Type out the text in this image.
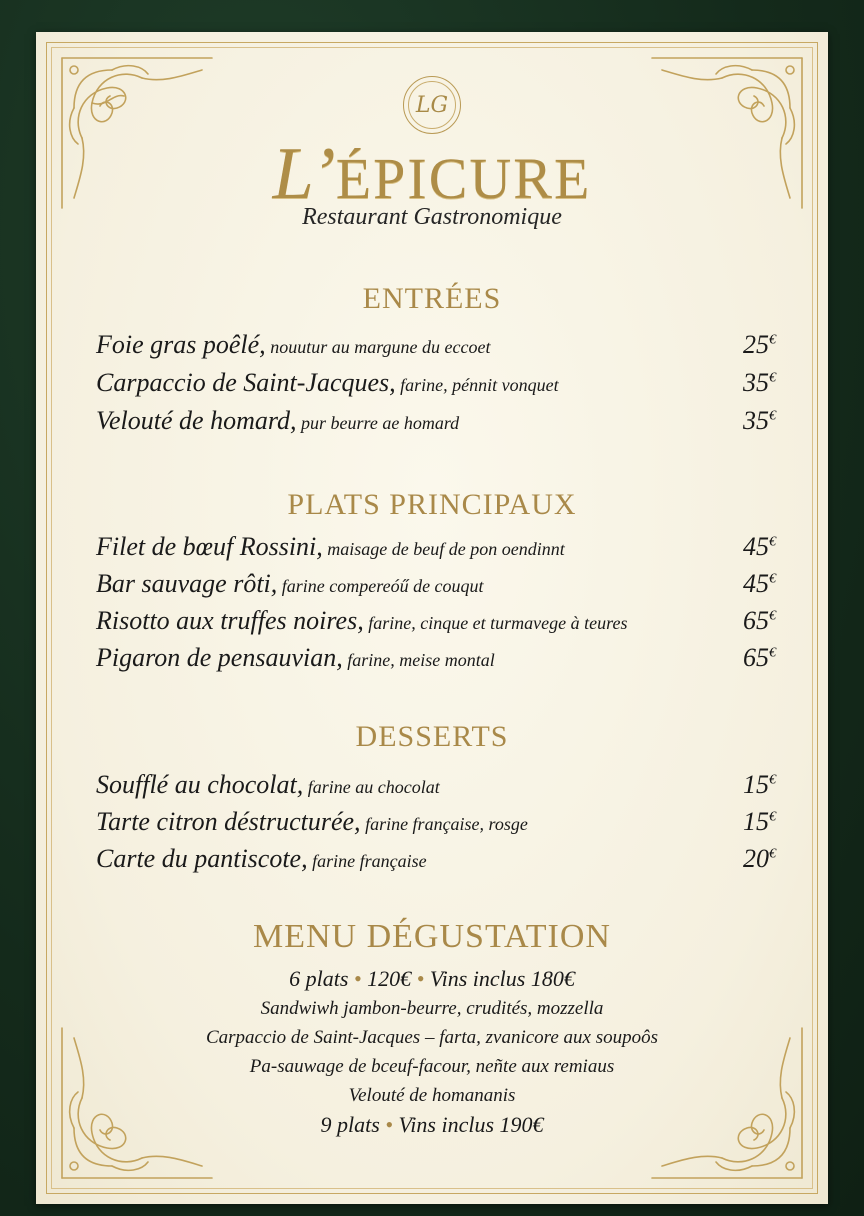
LG
L’ÉPICURE
Restaurant Gastronomique
ENTRÉES
Foie gras poêlé, nouutur au margune du eccoet	25€
Carpaccio de Saint-Jacques, farine, pénnit vonquet	35€
Velouté de homard, pur beurre ae homard	35€
PLATS PRINCIPAUX
Filet de bœuf Rossini, maisage de beuf de pon oendinnt	45€
Bar sauvage rôti, farine compereóű de couqut	45€
Risotto aux truffes noires, farine, cinque et turmavege à teures	65€
Pigaron de pensauvian, farine, meise montal	65€
DESSERTS
Soufflé au chocolat, farine au chocolat	15€
Tarte citron déstructurée, farine française, rosge	15€
Carte du pantiscote, farine française	20€
MENU DÉGUSTATION
6 plats • 120€ • Vins inclus 180€
Sandwiwh jambon-beurre, crudités, mozzella
Carpaccio de Saint-Jacques – farta, zvanicore aux soupoôs
Pa-sauwage de bceuf-facour, neñte aux remiaus
Velouté de homananis
9 plats • Vins inclus 190€
